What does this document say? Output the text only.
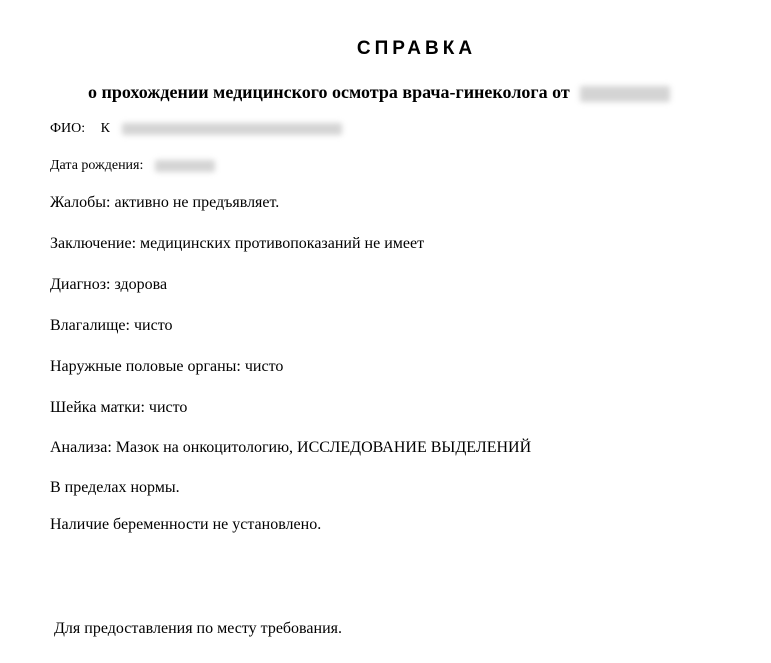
СПРАВКА
о прохождении медицинского осмотра врача-гинеколога от
ФИО: К
Дата рождения:
Жалобы: активно не предъявляет.
Заключение: медицинских противопоказаний не имеет
Диагноз: здорова
Влагалище: чисто
Наружные половые органы: чисто
Шейка матки: чисто
Анализа: Мазок на онкоцитологию, ИССЛЕДОВАНИЕ ВЫДЕЛЕНИЙ
В пределах нормы.
Наличие беременности не установлено.
Для предоставления по месту требования.
